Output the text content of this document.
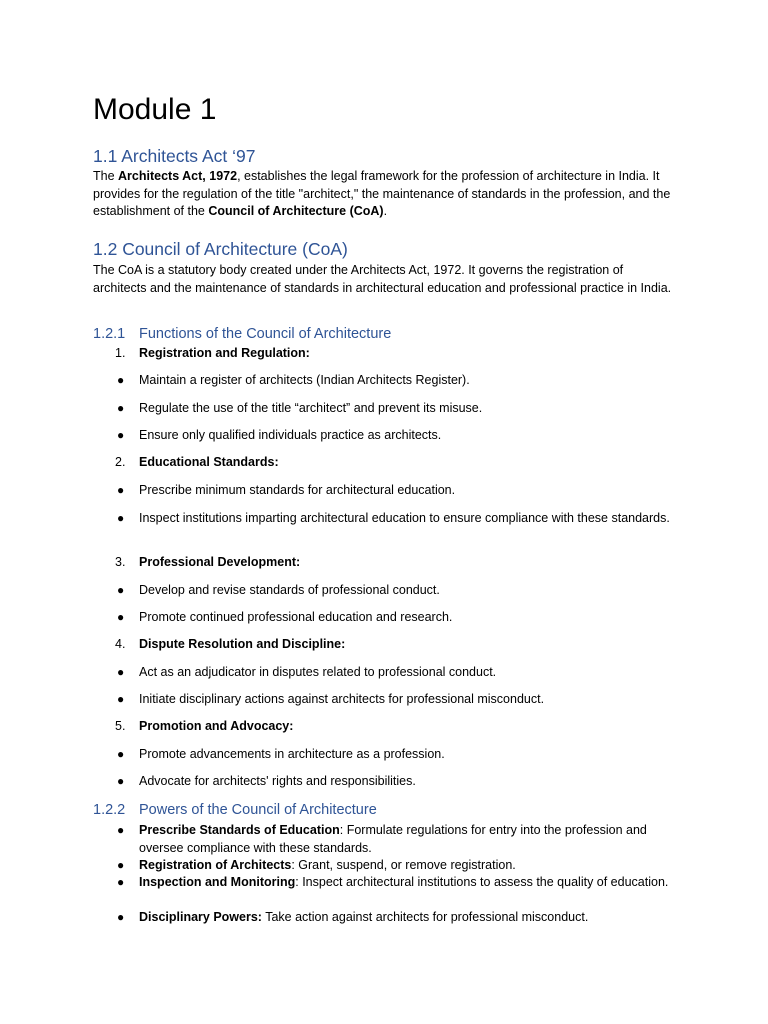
Module 1
1.1 Architects Act ‘97

The Architects Act, 1972, establishes the legal framework for the profession of architecture in India. It provides for the regulation of the title "architect," the maintenance of standards in the profession, and the establishment of the Council of Architecture (CoA).

1.2 Council of Architecture (CoA)

The CoA is a statutory body created under the Architects Act, 1972. It governs the registration of architects and the maintenance of standards in architectural education and professional practice in India.

1.2.1 Functions of the Council of Architecture
1.	Registration and Regulation:
● Maintain a register of architects (Indian Architects Register).
● Regulate the use of the title “architect” and prevent its misuse.
● Ensure only qualified individuals practice as architects.
2.	Educational Standards:
● Prescribe minimum standards for architectural education.
● Inspect institutions imparting architectural education to ensure compliance with these standards.
3.	Professional Development:
● Develop and revise standards of professional conduct.
● Promote continued professional education and research.
4.	Dispute Resolution and Discipline:
● Act as an adjudicator in disputes related to professional conduct.
● Initiate disciplinary actions against architects for professional misconduct.
5.	Promotion and Advocacy:
● Promote advancements in architecture as a profession.
● Advocate for architects' rights and responsibilities.
1.2.2 Powers of the Council of Architecture
● Prescribe Standards of Education: Formulate regulations for entry into the profession and oversee compliance with these standards.
● Registration of Architects: Grant, suspend, or remove registration.
● Inspection and Monitoring: Inspect architectural institutions to assess the quality of education.
● Disciplinary Powers: Take action against architects for professional misconduct.
